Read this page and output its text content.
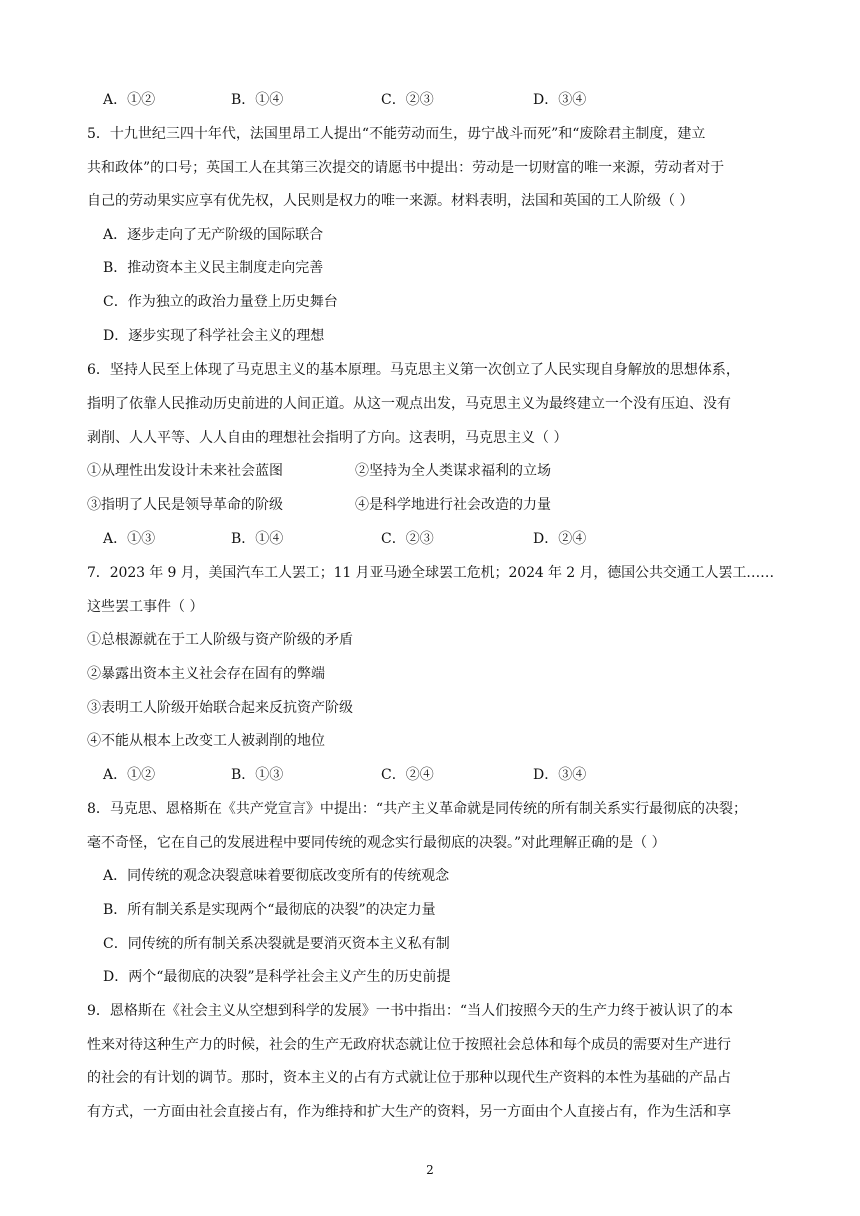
A．①②	B．①④	C．②③	D．③④
5．十九世纪三四十年代，法国里昂工人提出“不能劳动而生，毋宁战斗而死”和“废除君主制度，建立
共和政体”的口号；英国工人在其第三次提交的请愿书中提出：劳动是一切财富的唯一来源，劳动者对于
自己的劳动果实应享有优先权，人民则是权力的唯一来源。材料表明，法国和英国的工人阶级（ ）
A．逐步走向了无产阶级的国际联合
B．推动资本主义民主制度走向完善
C．作为独立的政治力量登上历史舞台
D．逐步实现了科学社会主义的理想
6．坚持人民至上体现了马克思主义的基本原理。马克思主义第一次创立了人民实现自身解放的思想体系，
指明了依靠人民推动历史前进的人间正道。从这一观点出发，马克思主义为最终建立一个没有压迫、没有
剥削、人人平等、人人自由的理想社会指明了方向。这表明，马克思主义（ ）
①从理性出发设计未来社会蓝图	②坚持为全人类谋求福利的立场
③指明了人民是领导革命的阶级	④是科学地进行社会改造的力量
A．①③	B．①④	C．②③	D．②④
7．2023 年 9 月，美国汽车工人罢工；11 月亚马逊全球罢工危机；2024 年 2 月，德国公共交通工人罢工……
这些罢工事件（ ）
①总根源就在于工人阶级与资产阶级的矛盾
②暴露出资本主义社会存在固有的弊端
③表明工人阶级开始联合起来反抗资产阶级
④不能从根本上改变工人被剥削的地位
A．①②	B．①③	C．②④	D．③④
8．马克思、恩格斯在《共产党宣言》中提出：“共产主义革命就是同传统的所有制关系实行最彻底的决裂；
毫不奇怪，它在自己的发展进程中要同传统的观念实行最彻底的决裂。”对此理解正确的是（ ）
A．同传统的观念决裂意味着要彻底改变所有的传统观念
B．所有制关系是实现两个“最彻底的决裂”的决定力量
C．同传统的所有制关系决裂就是要消灭资本主义私有制
D．两个“最彻底的决裂”是科学社会主义产生的历史前提
9．恩格斯在《社会主义从空想到科学的发展》一书中指出：“当人们按照今天的生产力终于被认识了的本
性来对待这种生产力的时候，社会的生产无政府状态就让位于按照社会总体和每个成员的需要对生产进行
的社会的有计划的调节。那时，资本主义的占有方式就让位于那种以现代生产资料的本性为基础的产品占
有方式，一方面由社会直接占有，作为维持和扩大生产的资料，另一方面由个人直接占有，作为生活和享
2
